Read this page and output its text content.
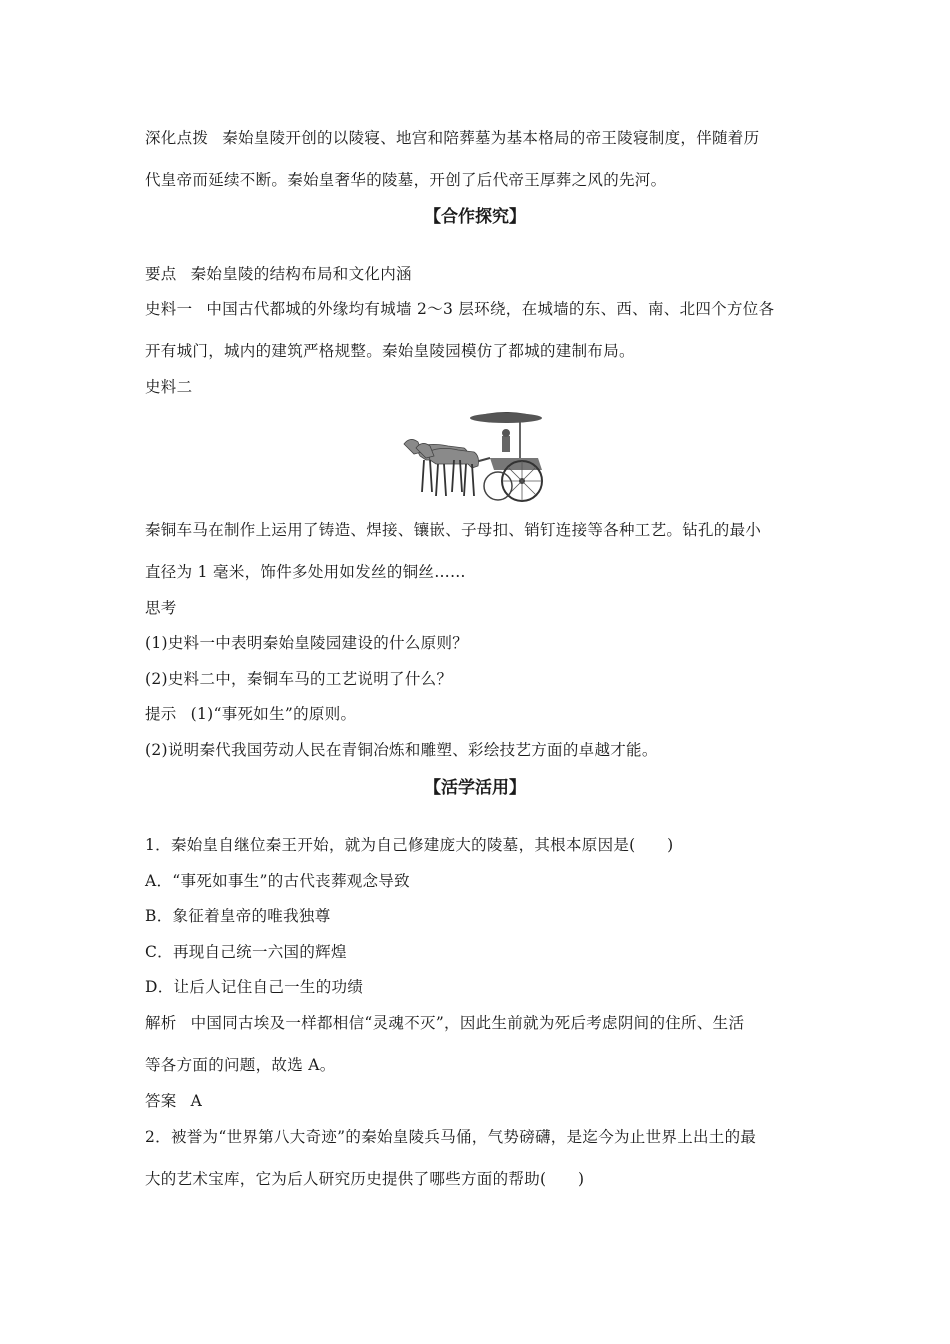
深化点拨 秦始皇陵开创的以陵寝、地宫和陪葬墓为基本格局的帝王陵寝制度，伴随着历
代皇帝而延续不断。秦始皇奢华的陵墓，开创了后代帝王厚葬之风的先河。
【合作探究】
要点 秦始皇陵的结构布局和文化内涵
史料一 中国古代都城的外缘均有城墙 2～3 层环绕，在城墙的东、西、南、北四个方位各
开有城门，城内的建筑严格规整。秦始皇陵园模仿了都城的建制布局。
史料二
秦铜车马在制作上运用了铸造、焊接、镶嵌、子母扣、销钉连接等各种工艺。钻孔的最小
直径为 1 毫米，饰件多处用如发丝的铜丝……
思考
(1)史料一中表明秦始皇陵园建设的什么原则？
(2)史料二中，秦铜车马的工艺说明了什么？
提示 (1)“事死如生”的原则。
(2)说明秦代我国劳动人民在青铜冶炼和雕塑、彩绘技艺方面的卓越才能。
【活学活用】
1．秦始皇自继位秦王开始，就为自己修建庞大的陵墓，其根本原因是(　　)
A．“事死如事生”的古代丧葬观念导致
B．象征着皇帝的唯我独尊
C．再现自己统一六国的辉煌
D．让后人记住自己一生的功绩
解析 中国同古埃及一样都相信“灵魂不灭”，因此生前就为死后考虑阴间的住所、生活
等各方面的问题，故选 A。
答案 A
2．被誉为“世界第八大奇迹”的秦始皇陵兵马俑，气势磅礴，是迄今为止世界上出土的最
大的艺术宝库，它为后人研究历史提供了哪些方面的帮助(　　)
